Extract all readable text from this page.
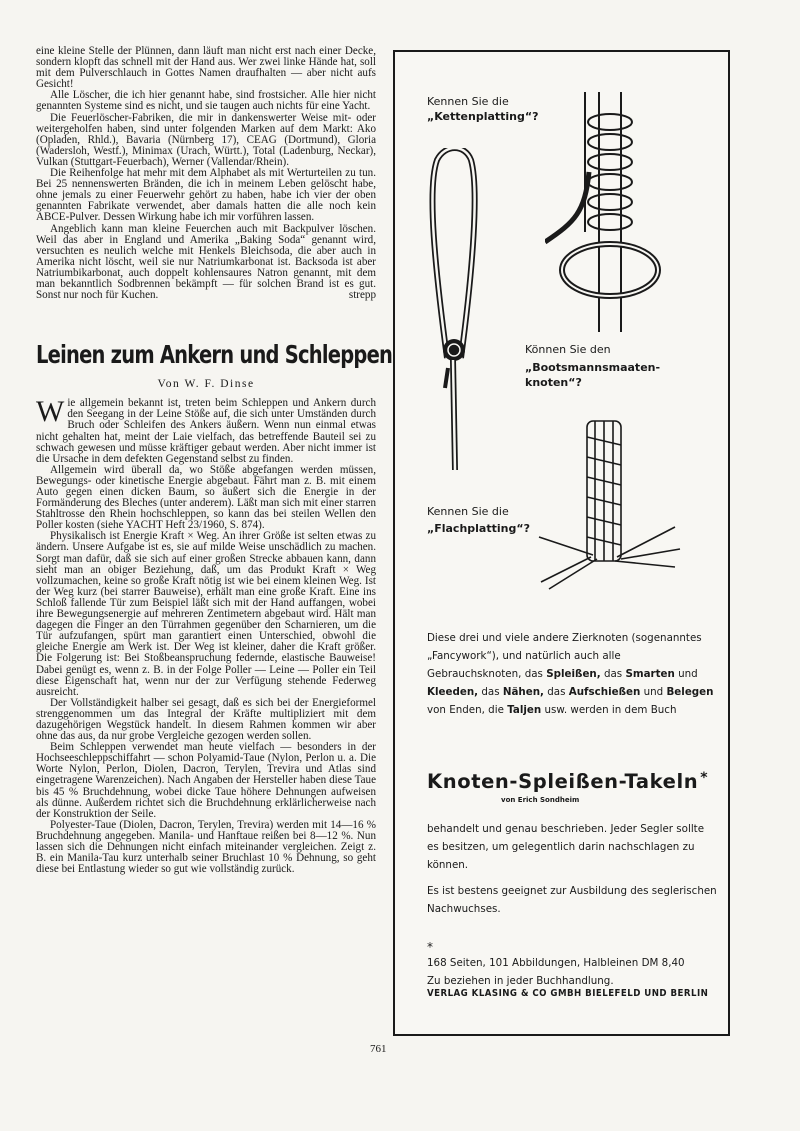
eine kleine Stelle der Plünnen, dann läuft man nicht erst nach einer Decke, sondern klopft das schnell mit der Hand aus. Wer zwei linke Hände hat, soll mit dem Pulverschlauch in Gottes Namen draufhalten — aber nicht aufs Gesicht!

Alle Löscher, die ich hier genannt habe, sind frostsicher. Alle hier nicht genannten Systeme sind es nicht, und sie taugen auch nichts für eine Yacht.

Die Feuerlöscher-Fabriken, die mir in dankenswerter Weise mit- oder weitergeholfen haben, sind unter folgenden Marken auf dem Markt: Ako (Opladen, Rhld.), Bavaria (Nürnberg 17), CEAG (Dortmund), Gloria (Wadersloh, Westf.), Minimax (Urach, Württ.), Total (Ladenburg, Neckar), Vulkan (Stuttgart-Feuerbach), Werner (Vallendar/Rhein).

Die Reihenfolge hat mehr mit dem Alphabet als mit Werturteilen zu tun. Bei 25 nennenswerten Bränden, die ich in meinem Leben gelöscht habe, ohne jemals zu einer Feuerwehr gehört zu haben, habe ich vier der oben genannten Fabrikate verwendet, aber damals hatten die alle noch kein ABCE-Pulver. Dessen Wirkung habe ich mir vorführen lassen.

Angeblich kann man kleine Feuerchen auch mit Backpulver löschen. Weil das aber in England und Amerika „Baking Soda“ genannt wird, versuchten es neulich welche mit Henkels Bleichsoda, die aber auch in Amerika nicht löscht, weil sie nur Natriumkarbonat ist. Backsoda ist aber Natriumbikarbonat, auch doppelt kohlensaures Natron genannt, mit dem man bekanntlich Sodbrennen bekämpft — für solchen Brand ist es gut. Sonst nur noch für Kuchen.	strepp

Leinen zum Ankern und Schleppen
Von W. F. Dinse

Wie allgemein bekannt ist, treten beim Schleppen und Ankern durch den Seegang in der Leine Stöße auf, die sich unter Umständen durch Bruch oder Schleifen des Ankers äußern. Wenn nun einmal etwas nicht gehalten hat, meint der Laie vielfach, das betreffende Bauteil sei zu schwach gewesen und müsse kräftiger gebaut werden. Aber nicht immer ist die Ursache in dem defekten Gegenstand selbst zu finden.

Allgemein wird überall da, wo Stöße abgefangen werden müssen, Bewegungs- oder kinetische Energie abgebaut. Fährt man z. B. mit einem Auto gegen einen dicken Baum, so äußert sich die Energie in der Formänderung des Bleches (unter anderem). Läßt man sich mit einer starren Stahltrosse den Rhein hochschleppen, so kann das bei steilen Wellen den Poller kosten (siehe YACHT Heft 23/1960, S. 874).

Physikalisch ist Energie Kraft × Weg. An ihrer Größe ist selten etwas zu ändern. Unsere Aufgabe ist es, sie auf milde Weise unschädlich zu machen. Sorgt man dafür, daß sie sich auf einer großen Strecke abbauen kann, dann sieht man an obiger Beziehung, daß, um das Produkt Kraft × Weg vollzumachen, keine so große Kraft nötig ist wie bei einem kleinen Weg. Ist der Weg kurz (bei starrer Bauweise), erhält man eine große Kraft. Eine ins Schloß fallende Tür zum Beispiel läßt sich mit der Hand auffangen, wobei ihre Bewegungsenergie auf mehreren Zentimetern abgebaut wird. Hält man dagegen die Finger an den Türrahmen gegenüber den Scharnieren, um die Tür aufzufangen, spürt man garantiert einen Unterschied, obwohl die gleiche Energie am Werk ist. Der Weg ist kleiner, daher die Kraft größer. Die Folgerung ist: Bei Stoßbeanspruchung federnde, elastische Bauweise! Dabei genügt es, wenn z. B. in der Folge Poller — Leine — Poller ein Teil diese Eigenschaft hat, wenn nur der zur Verfügung stehende Federweg ausreicht.

Der Vollständigkeit halber sei gesagt, daß es sich bei der Energieformel strenggenommen um das Integral der Kräfte multipliziert mit dem dazugehörigen Wegstück handelt. In diesem Rahmen kommen wir aber ohne das aus, da nur grobe Vergleiche gezogen werden sollen.

Beim Schleppen verwendet man heute vielfach — besonders in der Hochseeschleppschiffahrt — schon Polyamid-Taue (Nylon, Perlon u. a. Die Worte Nylon, Perlon, Diolen, Dacron, Terylen, Trevira und Atlas sind eingetragene Warenzeichen). Nach Angaben der Hersteller haben diese Taue bis 45 % Bruchdehnung, wobei dicke Taue höhere Dehnungen aufweisen als dünne. Außerdem richtet sich die Bruchdehnung erklärlicherweise nach der Konstruktion der Seile.

Polyester-Taue (Diolen, Dacron, Terylen, Trevira) werden mit 14—16 % Bruchdehnung angegeben. Manila- und Hanftaue reißen bei 8—12 %. Nun lassen sich die Dehnungen nicht einfach miteinander vergleichen. Zeigt z. B. ein Manila-Tau kurz unterhalb seiner Bruchlast 10 % Dehnung, so geht diese bei Entlastung wieder so gut wie vollständig zurück.

761
Kennen Sie die
„Kettenplatting“?
Können Sie den
„Bootsmannsmaaten-
knoten“?
Kennen Sie die
„Flachplatting“?
Diese drei und viele andere Zierknoten (sogenanntes „Fancywork“), und natürlich auch alle Gebrauchsknoten, das Spleißen, das Smarten und Kleeden, das Nähen, das Aufschießen und Belegen von Enden, die Taljen usw. werden in dem Buch
Knoten-Spleißen-Takeln *
von Erich Sondheim
behandelt und genau beschrieben. Jeder Segler sollte es besitzen, um gelegentlich darin nachschlagen zu können.
Es ist bestens geeignet zur Ausbildung des seglerischen Nachwuchses.
*
168 Seiten, 101 Abbildungen, Halbleinen DM 8,40
Zu beziehen in jeder Buchhandlung.
VERLAG KLASING & CO GMBH BIELEFELD UND BERLIN
